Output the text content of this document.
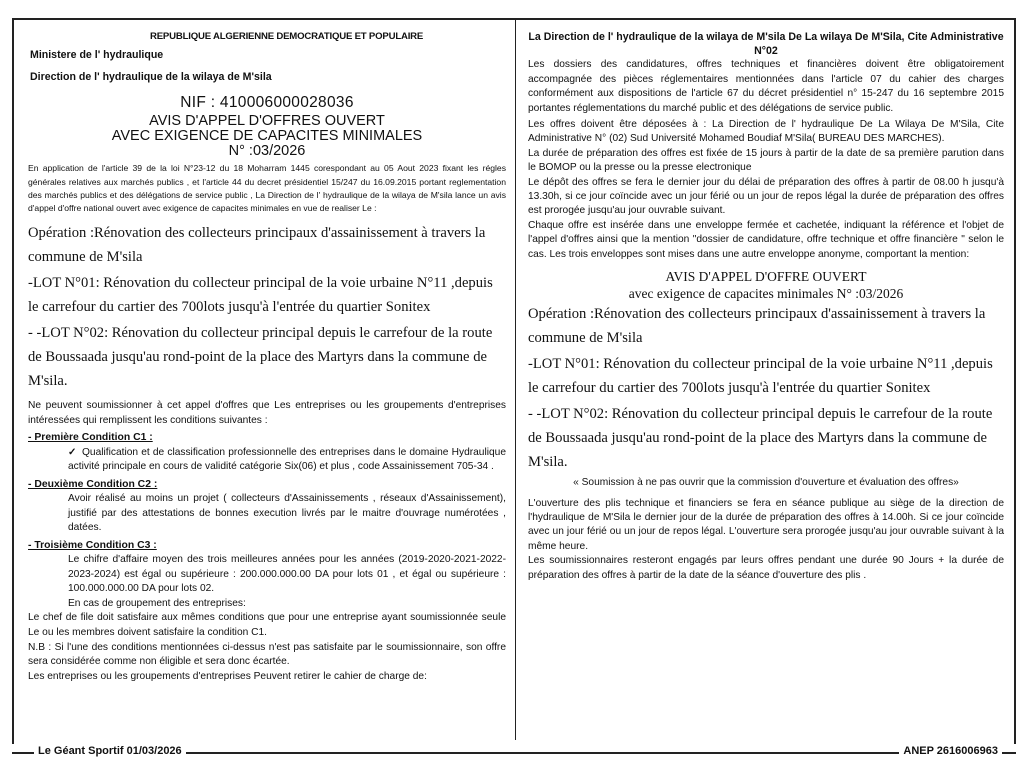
REPUBLIQUE ALGERIENNE DEMOCRATIQUE ET POPULAIRE
Ministere de l' hydraulique
Direction de l' hydraulique de la wilaya de M'sila
NIF : 410006000028036
AVIS D'APPEL D'OFFRES OUVERT
AVEC EXIGENCE DE CAPACITES MINIMALES
N° :03/2026
En application de l'article 39 de la loi N°23-12 du 18 Moharram 1445 corespondant au 05 Aout 2023 fixant les régles générales relatives aux marchés publics , et l'article 44 du decret présidentiel 15/247 du 16.09.2015 portant reglementation des marchés publics et des délégations de service public , La Direction de l' hydraulique de la wilaya de M'sila lance un avis d'appel d'offre national ouvert avec exigence de capacites minimales en vue de realiser Le :
Opération :Rénovation des collecteurs principaux d'assainissement à travers la commune de M'sila
-LOT N°01: Rénovation du collecteur principal de la voie urbaine N°11 ,depuis le carrefour du cartier des 700lots jusqu'à l'entrée du quartier Sonitex
- -LOT N°02: Rénovation du collecteur principal depuis le carrefour de la route de Boussaada jusqu'au rond-point de la place des Martyrs dans la commune de M'sila.
Ne peuvent soumissionner à cet appel d'offres que Les entreprises ou les groupements d'entreprises intéressées qui remplissent les conditions suivantes :
- Première Condition C1 :
✓ Qualification et de classification professionnelle des entreprises dans le domaine Hydraulique activité principale en cours de validité catégorie Six(06) et plus , code Assainissement 705-34 .
- Deuxième Condition C2 :
Avoir réalisé au moins un projet ( collecteurs d'Assainissements , réseaux d'Assainissement), justifié par des attestations de bonnes execution livrés par le maitre d'ouvrage numérotées , datées.
- Troisième Condition C3 :
Le chifre d'affaire moyen des trois meilleures années pour les années (2019-2020-2021-2022-2023-2024) est égal ou supérieure : 200.000.000.00 DA pour lots 01 , et égal ou supérieure : 100.000.000.00 DA pour lots 02.
En cas de groupement des entreprises:
Le chef de file doit satisfaire aux mêmes conditions que pour une entreprise ayant soumissionnée seule Le ou les membres doivent satisfaire la condition C1.
N.B : Si l'une des conditions mentionnées ci-dessus n'est pas satisfaite par le soumissionnaire, son offre sera considérée comme non éligible et sera donc écartée.
Les entreprises ou les groupements d'entreprises Peuvent retirer le cahier de charge de:
La Direction de l' hydraulique de la wilaya de M'sila De La wilaya De M'Sila, Cite Administrative N°02
Les dossiers des candidatures, offres techniques et financières doivent être obligatoirement accompagnée des pièces réglementaires mentionnées dans l'article 07 du cahier des charges conformément aux dispositions de l'article 67 du décret présidentiel n° 15-247 du 16 septembre 2015 portantes réglementations du marché public et des délégations de service public.
Les offres doivent être déposées à : La Direction de l' hydraulique De La Wilaya De M'Sila, Cite Administrative N° (02) Sud Université Mohamed Boudiaf M'Sila( BUREAU DES MARCHES).
La durée de préparation des offres est fixée de 15 jours à partir de la date de sa première parution dans le BOMOP ou la presse ou la presse electronique
Le dépôt des offres se fera le dernier jour du délai de préparation des offres à partir de 08.00 h jusqu'à 13.30h, si ce jour coïncide avec un jour férié ou un jour de repos légal la durée de préparation des offres est prorogée jusqu'au jour ouvrable suivant.
Chaque offre est insérée dans une enveloppe fermée et cachetée, indiquant la référence et l'objet de l'appel d'offres ainsi que la mention "dossier de candidature, offre technique et offre financière " selon le cas. Les trois enveloppes sont mises dans une autre enveloppe anonyme, comportant la mention:
AVIS D'APPEL D'OFFRE OUVERT
avec exigence de capacites minimales N° :03/2026
Opération :Rénovation des collecteurs principaux d'assainissement à travers la commune de M'sila
-LOT N°01: Rénovation du collecteur principal de la voie urbaine N°11 ,depuis le carrefour du cartier des 700lots jusqu'à l'entrée du quartier Sonitex
- -LOT N°02: Rénovation du collecteur principal depuis le carrefour de la route de Boussaada jusqu'au rond-point de la place des Martyrs dans la commune de M'sila.
« Soumission à ne pas ouvrir que la commission d'ouverture et évaluation des offres»
L'ouverture des plis technique et financiers se fera en séance publique au siège de la direction de l'hydraulique de M'Sila le dernier jour de la durée de préparation des offres à 14.00h. Si ce jour coïncide avec un jour férié ou un jour de repos légal. L'ouverture sera prorogée jusqu'au jour ouvrable suivant à la même heure.
Les soumissionnaires resteront engagés par leurs offres pendant une durée 90 Jours + la durée de préparation des offres à partir de la date de la séance d'ouverture des plis .
Le Géant Sportif 01/03/2026	ANEP 2616006963
